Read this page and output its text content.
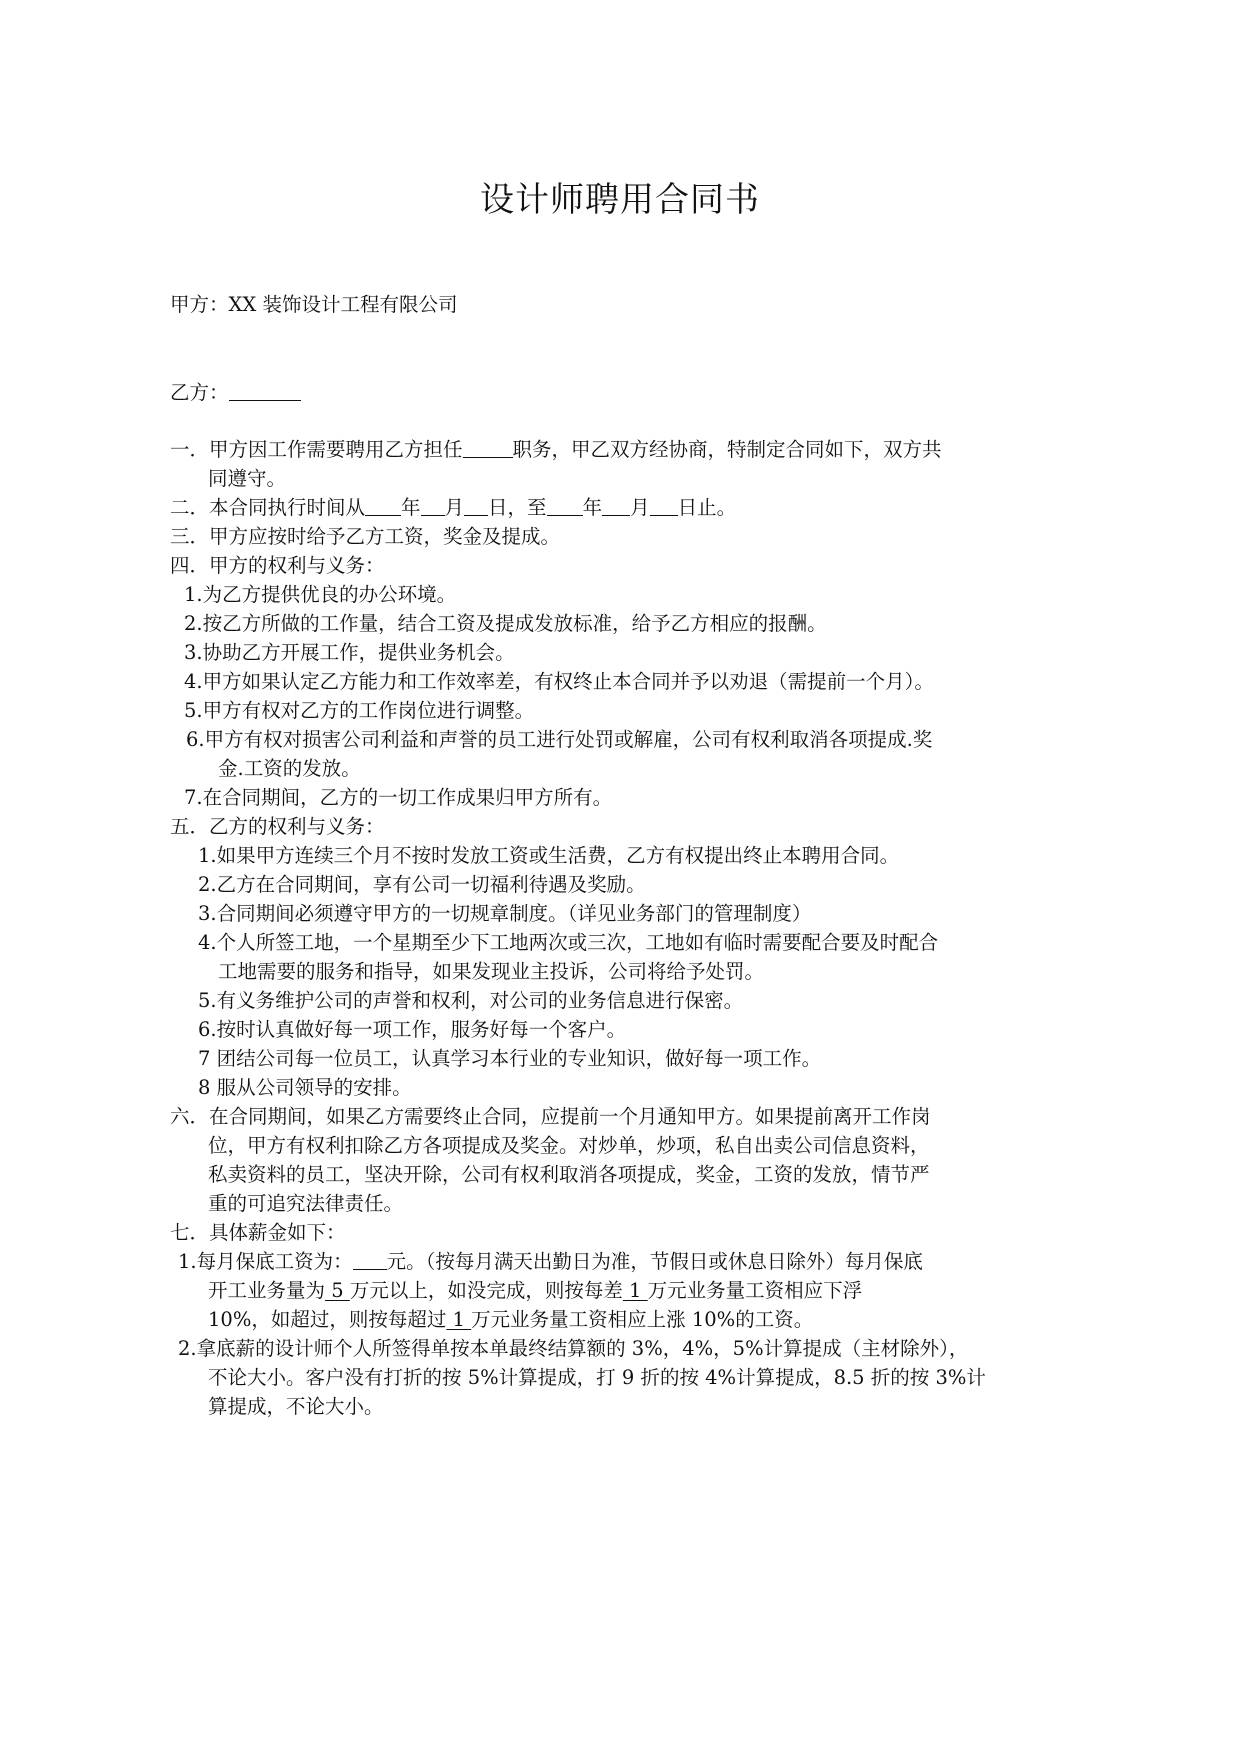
设计师聘用合同书
甲方：XX 装饰设计工程有限公司
乙方：
一．甲方因工作需要聘用乙方担任	职务，甲乙双方经协商，特制定合同如下，双方共
同遵守。
二．本合同执行时间从 年 月 日，至 年 月 日止。
三．甲方应按时给予乙方工资，奖金及提成。
四．甲方的权利与义务：
1.为乙方提供优良的办公环境。
2.按乙方所做的工作量，结合工资及提成发放标准，给予乙方相应的报酬。
3.协助乙方开展工作，提供业务机会。
4.甲方如果认定乙方能力和工作效率差，有权终止本合同并予以劝退（需提前一个月）。
5.甲方有权对乙方的工作岗位进行调整。
6.甲方有权对损害公司利益和声誉的员工进行处罚或解雇，公司有权利取消各项提成.奖
金.工资的发放。
7.在合同期间，乙方的一切工作成果归甲方所有。
五．乙方的权利与义务：
1.如果甲方连续三个月不按时发放工资或生活费，乙方有权提出终止本聘用合同。
2.乙方在合同期间，享有公司一切福利待遇及奖励。
3.合同期间必须遵守甲方的一切规章制度。（详见业务部门的管理制度）
4.个人所签工地，一个星期至少下工地两次或三次，工地如有临时需要配合要及时配合
工地需要的服务和指导，如果发现业主投诉，公司将给予处罚。
5.有义务维护公司的声誉和权利，对公司的业务信息进行保密。
6.按时认真做好每一项工作，服务好每一个客户。
7 团结公司每一位员工，认真学习本行业的专业知识，做好每一项工作。
8 服从公司领导的安排。
六．在合同期间，如果乙方需要终止合同，应提前一个月通知甲方。如果提前离开工作岗
位，甲方有权利扣除乙方各项提成及奖金。对炒单，炒项，私自出卖公司信息资料，
私卖资料的员工，坚决开除，公司有权利取消各项提成，奖金，工资的发放，情节严
重的可追究法律责任。
七．具体薪金如下：
1.每月保底工资为： 元。（按每月满天出勤日为准，节假日或休息日除外）每月保底
开工业务量为 5 万元以上，如没完成，则按每差 1 万元业务量工资相应下浮
10%，如超过，则按每超过 1 万元业务量工资相应上涨 10%的工资。
2.拿底薪的设计师个人所签得单按本单最终结算额的 3%，4%，5%计算提成（主材除外），
不论大小。客户没有打折的按 5%计算提成，打 9 折的按 4%计算提成，8.5 折的按 3%计
算提成，不论大小。
